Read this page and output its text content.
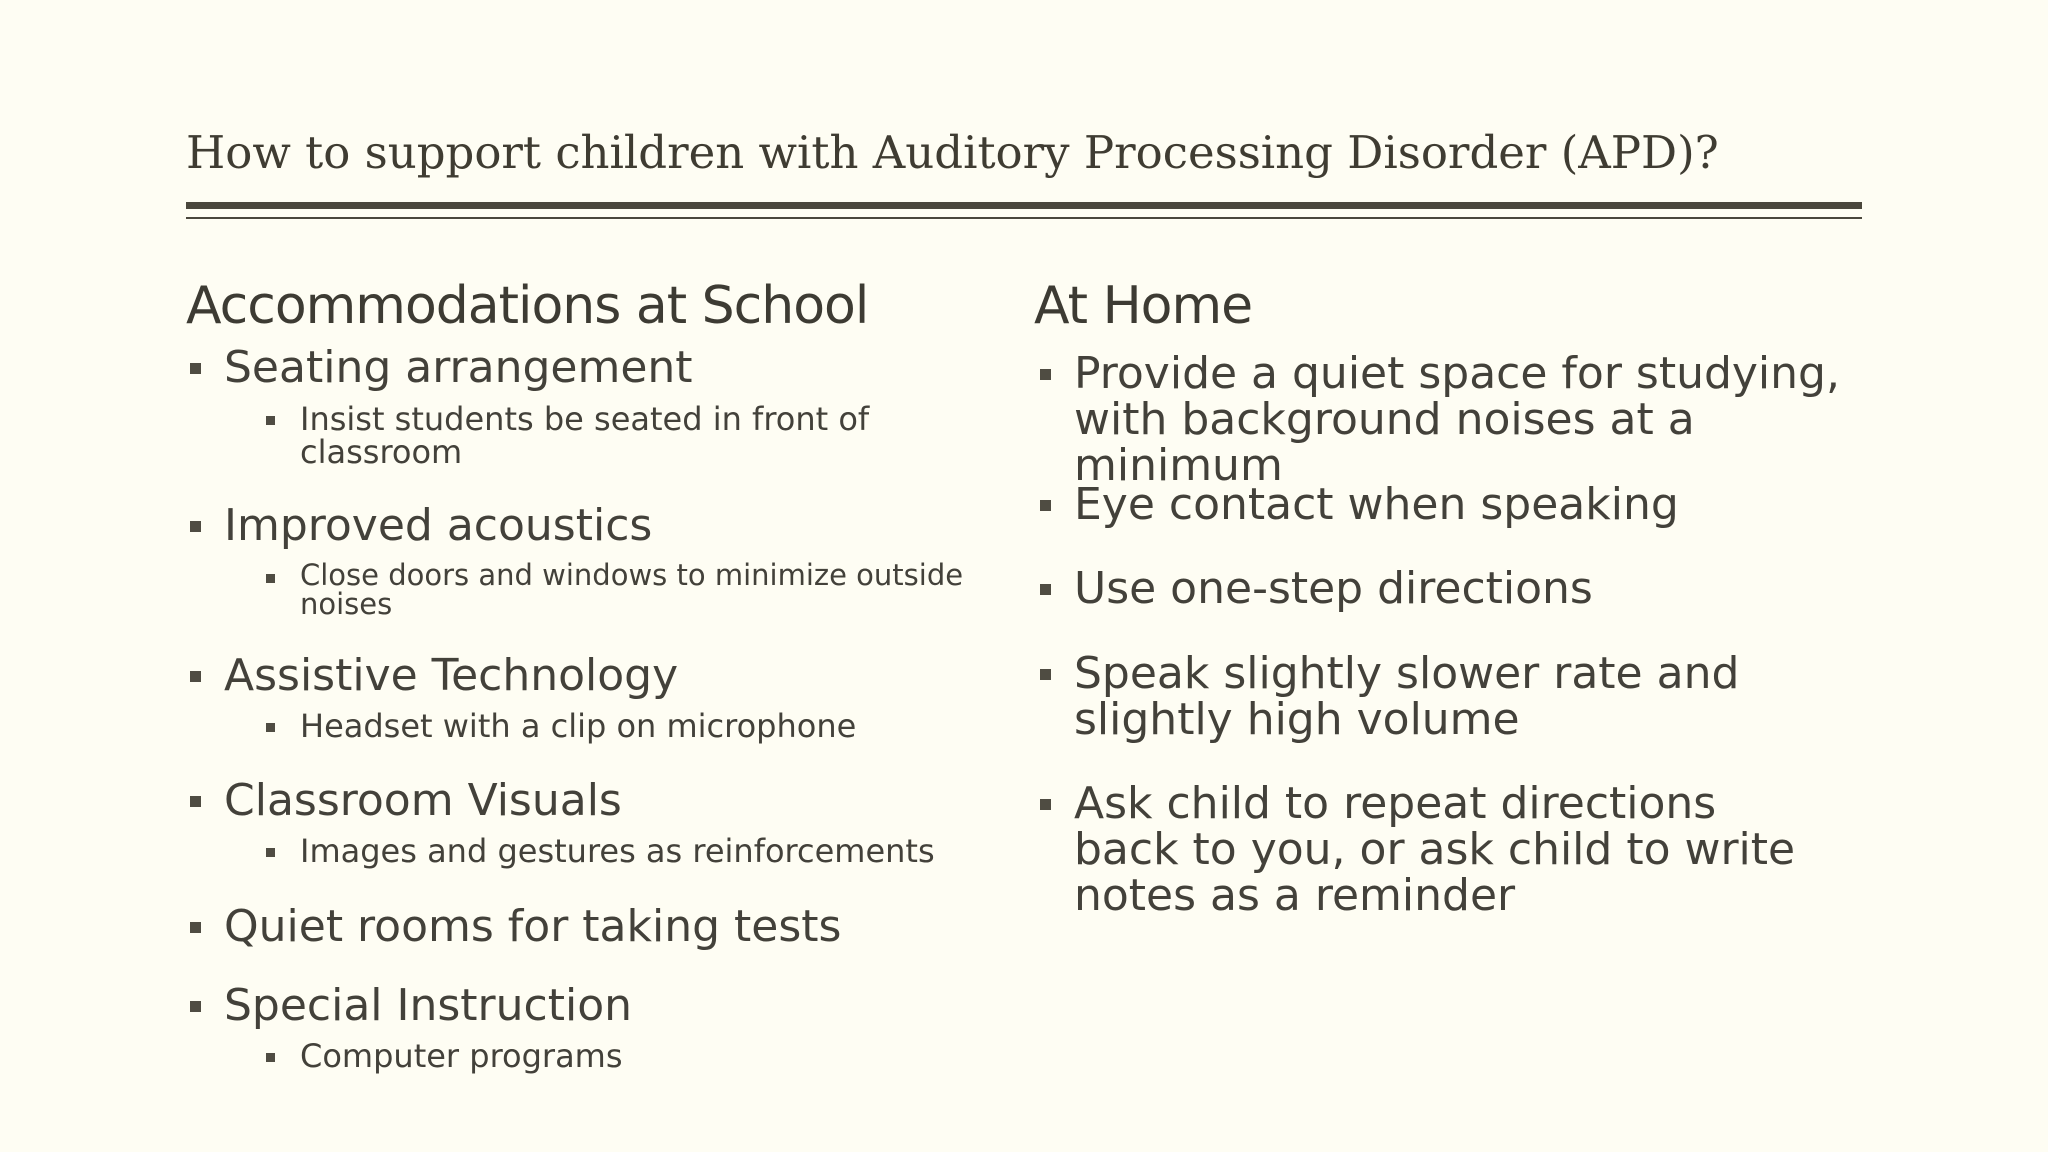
How to support children with Auditory Processing Disorder (APD)?
Accommodations at School
Seating arrangement
Insist students be seated in front of classroom
Improved acoustics
Close doors and windows to minimize outside noises
Assistive Technology
Headset with a clip on microphone
Classroom Visuals
Images and gestures as reinforcements
Quiet rooms for taking tests
Special Instruction
Computer programs
At Home
Provide a quiet space for studying, with background noises at a minimum
Eye contact when speaking
Use one-step directions
Speak slightly slower rate and slightly high volume
Ask child to repeat directions back to you, or ask child to write notes as a reminder
